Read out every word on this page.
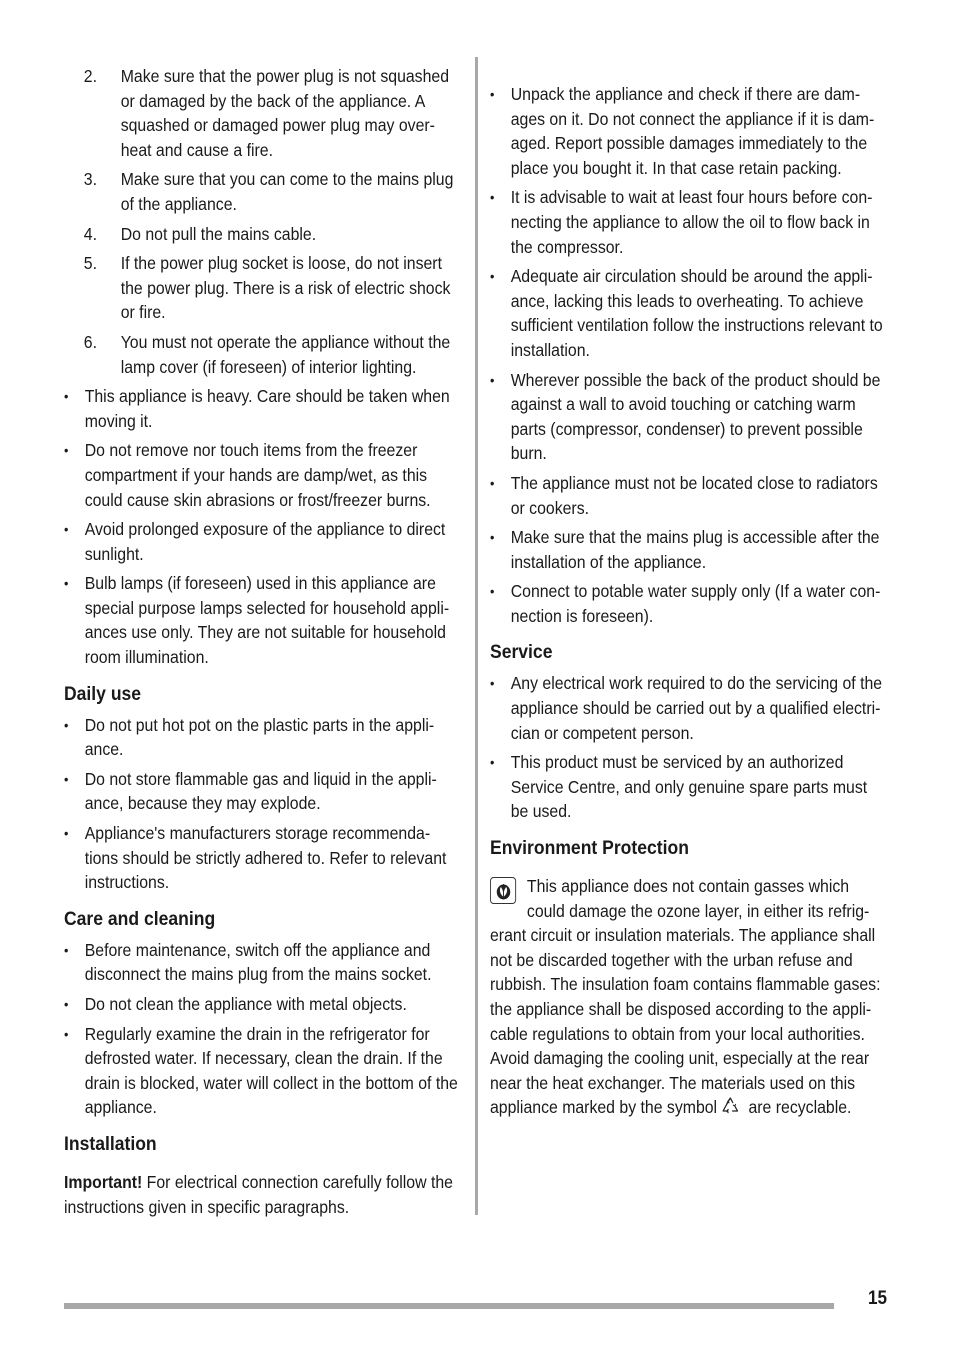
2. Make sure that the power plug is not squashed or damaged by the back of the appliance. A squashed or damaged power plug may over-heat and cause a fire.
3. Make sure that you can come to the mains plug of the appliance.
4. Do not pull the mains cable.
5. If the power plug socket is loose, do not insert the power plug. There is a risk of electric shock or fire.
6. You must not operate the appliance without the lamp cover (if foreseen) of interior lighting.
• This appliance is heavy. Care should be taken when moving it.
• Do not remove nor touch items from the freezer compartment if your hands are damp/wet, as this could cause skin abrasions or frost/freezer burns.
• Avoid prolonged exposure of the appliance to direct sunlight.
• Bulb lamps (if foreseen) used in this appliance are special purpose lamps selected for household appli-ances use only. They are not suitable for household room illumination.
Daily use
• Do not put hot pot on the plastic parts in the appli-ance.
• Do not store flammable gas and liquid in the appli-ance, because they may explode.
• Appliance's manufacturers storage recommenda-tions should be strictly adhered to. Refer to relevant instructions.
Care and cleaning
• Before maintenance, switch off the appliance and disconnect the mains plug from the mains socket.
• Do not clean the appliance with metal objects.
• Regularly examine the drain in the refrigerator for defrosted water. If necessary, clean the drain. If the drain is blocked, water will collect in the bottom of the appliance.
Installation

Important! For electrical connection carefully follow the instructions given in specific paragraphs.

• Unpack the appliance and check if there are dam-ages on it. Do not connect the appliance if it is dam-aged. Report possible damages immediately to the place you bought it. In that case retain packing.
• It is advisable to wait at least four hours before con-necting the appliance to allow the oil to flow back in the compressor.
• Adequate air circulation should be around the appli-ance, lacking this leads to overheating. To achieve sufficient ventilation follow the instructions relevant to installation.
• Wherever possible the back of the product should be against a wall to avoid touching or catching warm parts (compressor, condenser) to prevent possible burn.
• The appliance must not be located close to radiators or cookers.
• Make sure that the mains plug is accessible after the installation of the appliance.
• Connect to potable water supply only (If a water con-nection is foreseen).
Service
• Any electrical work required to do the servicing of the appliance should be carried out by a qualified electri-cian or competent person.
• This product must be serviced by an authorized Service Centre, and only genuine spare parts must be used.
Environment Protection

This appliance does not contain gasses which could damage the ozone layer, in either its refrig-erant circuit or insulation materials. The appliance shall not be discarded together with the urban refuse and rubbish. The insulation foam contains flammable gases: the appliance shall be disposed according to the appli-cable regulations to obtain from your local authorities. Avoid damaging the cooling unit, especially at the rear near the heat exchanger. The materials used on this appliance marked by the symbol are recyclable.

15
